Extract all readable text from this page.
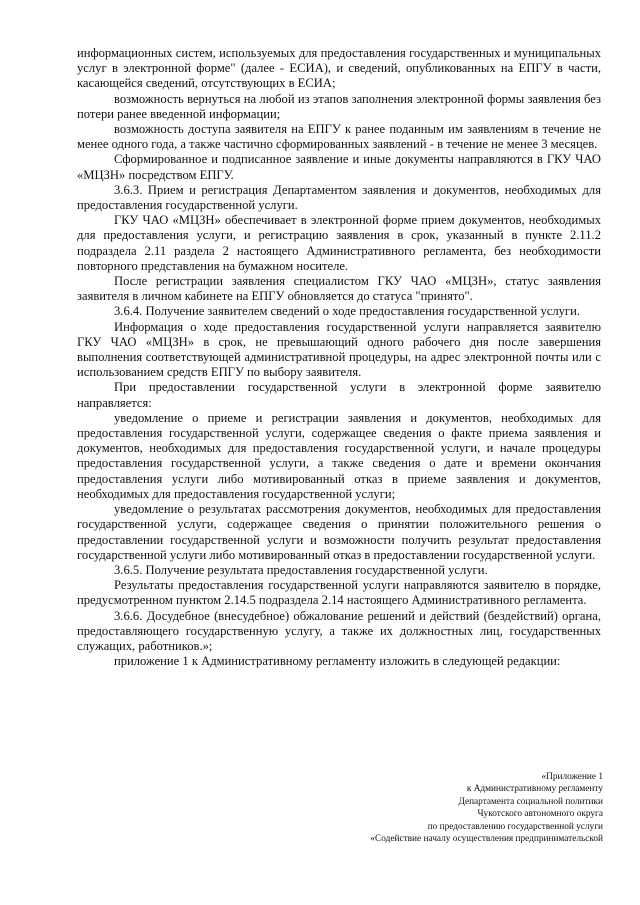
информационных систем, используемых для предоставления государственных и муниципальных услуг в электронной форме" (далее - ЕСИА), и сведений, опубликованных на ЕПГУ в части, касающейся сведений, отсутствующих в ЕСИА;

возможность вернуться на любой из этапов заполнения электронной формы заявления без потери ранее введенной информации;

возможность доступа заявителя на ЕПГУ к ранее поданным им заявлениям в течение не менее одного года, а также частично сформированных заявлений - в течение не менее 3 месяцев.

Сформированное и подписанное заявление и иные документы направляются в ГКУ ЧАО «МЦЗН» посредством ЕПГУ.

3.6.3. Прием и регистрация Департаментом заявления и документов, необходимых для предоставления государственной услуги.

ГКУ ЧАО «МЦЗН» обеспечивает в электронной форме прием документов, необходимых для предоставления услуги, и регистрацию заявления в срок, указанный в пункте 2.11.2 подраздела 2.11 раздела 2 настоящего Административного регламента, без необходимости повторного представления на бумажном носителе.

После регистрации заявления специалистом ГКУ ЧАО «МЦЗН», статус заявления заявителя в личном кабинете на ЕПГУ обновляется до статуса "принято".

3.6.4. Получение заявителем сведений о ходе предоставления государственной услуги.

Информация о ходе предоставления государственной услуги направляется заявителю ГКУ ЧАО «МЦЗН» в срок, не превышающий одного рабочего дня после завершения выполнения соответствующей административной процедуры, на адрес электронной почты или с использованием средств ЕПГУ по выбору заявителя.

При предоставлении государственной услуги в электронной форме заявителю направляется:

уведомление о приеме и регистрации заявления и документов, необходимых для предоставления государственной услуги, содержащее сведения о факте приема заявления и документов, необходимых для предоставления государственной услуги, и начале процедуры предоставления государственной услуги, а также сведения о дате и времени окончания предоставления услуги либо мотивированный отказ в приеме заявления и документов, необходимых для предоставления государственной услуги;

уведомление о результатах рассмотрения документов, необходимых для предоставления государственной услуги, содержащее сведения о принятии положительного решения о предоставлении государственной услуги и возможности получить результат предоставления государственной услуги либо мотивированный отказ в предоставлении государственной услуги.

3.6.5. Получение результата предоставления государственной услуги.

Результаты предоставления государственной услуги направляются заявителю в порядке, предусмотренном пунктом 2.14.5 подраздела 2.14 настоящего Административного регламента.

3.6.6. Досудебное (внесудебное) обжалование решений и действий (бездействий) органа, предоставляющего государственную услугу, а также их должностных лиц, государственных служащих, работников.»;

приложение 1 к Административному регламенту изложить в следующей редакции:

«Приложение 1
к Административному регламенту
Департамента социальной политики
Чукотского автономного округа
по предоставлению государственной услуги
«Содействие началу осуществления предпринимательской
